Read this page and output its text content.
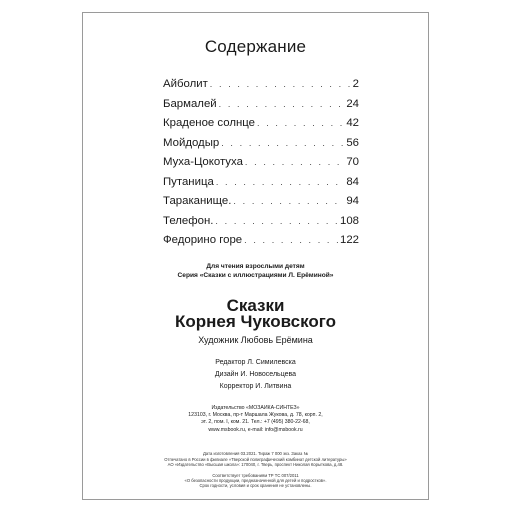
Содержание
Айболит . . .	2
Бармалей . . .	24
Краденое солнце . . .	42
Мойдодыр . . .	56
Муха-Цокотуха . . .	70
Путаница . . .	84
Тараканище. . . .	94
Телефон. . . .	108
Федорино горе . . .	122
Для чтения взрослыми детям
Серия «Сказки с иллюстрациями Л. Ерёминой»
Сказки
Корнея Чуковского
Художник Любовь Ерёмина
Редактор Л. Симилевска
Дизайн И. Новосельцева
Корректор И. Литвина
Издательство «МОЗАИКА-СИНТЕЗ»
123103, г. Москва, пр-т Маршала Жукова, д. 78, корп. 2,
эт. 2, пом. I, ком. 21. Тел.: +7 (495) 380-22-68,
www.msbook.ru, e-mail: info@msbook.ru
Дата изготовления 03.2021. Тираж 7 000 экз. Заказ №
Отпечатано в России в филиале «Тверской полиграфический комбинат детской литературы»
АО «Издательство «Высшая школа»: 170040, г. Тверь, проспект Николая Корыткова, д.48.
Соответствует требованиям ТР ТС 007/2011
«О безопасности продукции, предназначенной для детей и подростков».
Срок годности, условия и срок хранения не установлены.
